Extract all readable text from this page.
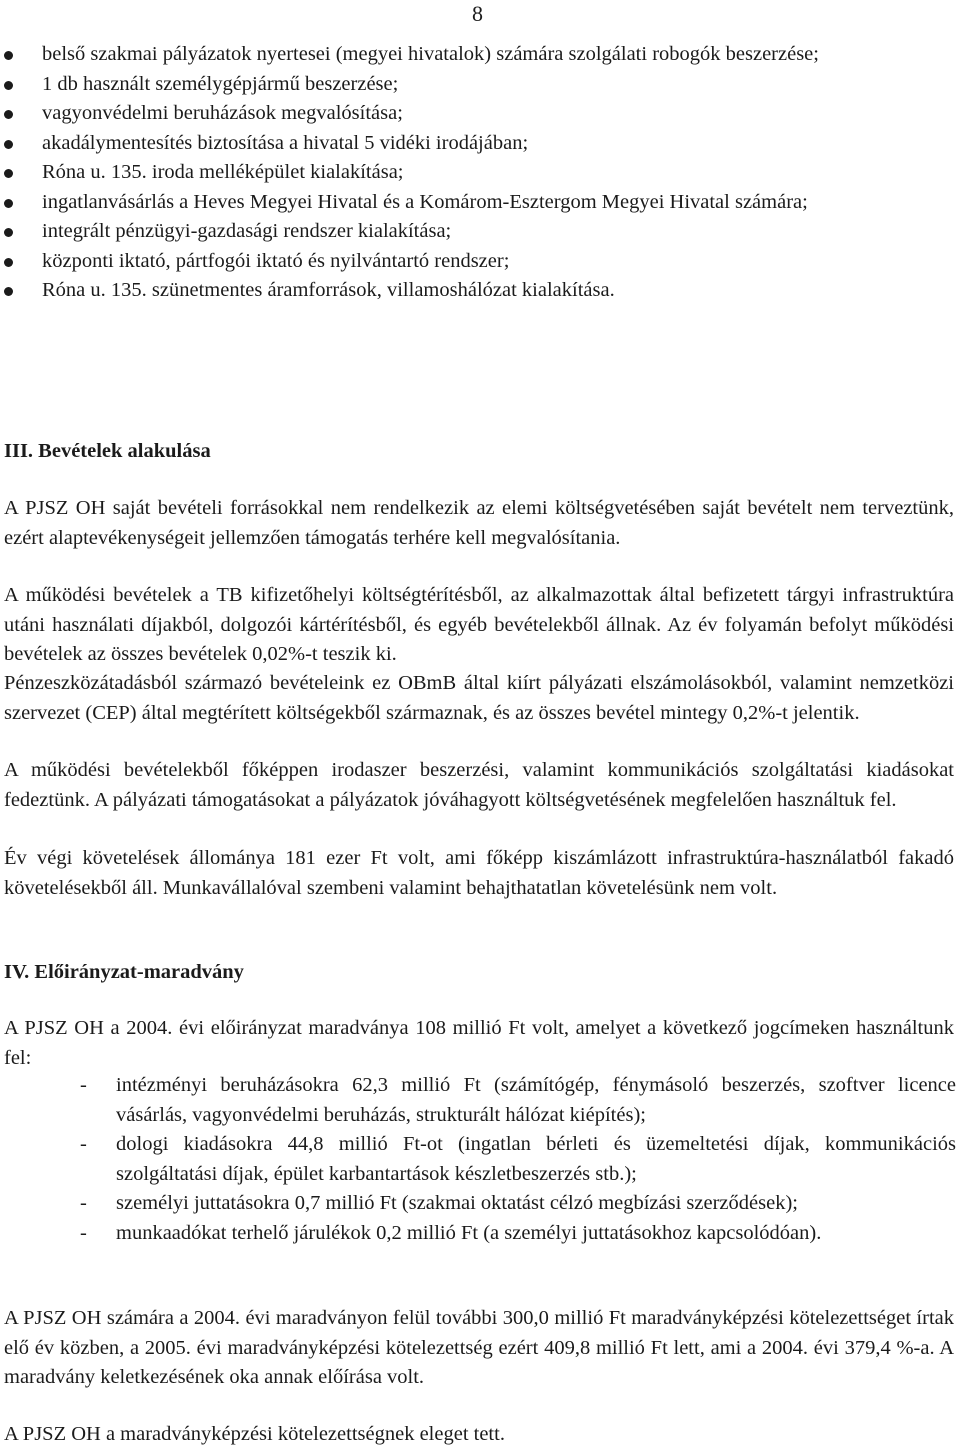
8
belső szakmai pályázatok nyertesei (megyei hivatalok) számára szolgálati robogók beszerzése;
1 db használt személygépjármű beszerzése;
vagyonvédelmi beruházások megvalósítása;
akadálymentesítés biztosítása a hivatal 5 vidéki irodájában;
Róna u. 135. iroda melléképület kialakítása;
ingatlanvásárlás a Heves Megyei Hivatal és a Komárom-Esztergom Megyei Hivatal számára;
integrált pénzügyi-gazdasági rendszer kialakítása;
központi iktató, pártfogói iktató és nyilvántartó rendszer;
Róna u. 135. szünetmentes áramforrások, villamoshálózat kialakítása.
III. Bevételek alakulása

A PJSZ OH saját bevételi forrásokkal nem rendelkezik az elemi költségvetésében saját bevételt nem terveztünk, ezért alaptevékenységeit jellemzően támogatás terhére kell megvalósítania.

A működési bevételek a TB kifizetőhelyi költségtérítésből, az alkalmazottak által befizetett tárgyi infrastruktúra utáni használati díjakból, dolgozói kártérítésből, és egyéb bevételekből állnak. Az év folyamán befolyt működési bevételek az összes bevételek 0,02%-t teszik ki.

Pénzeszközátadásból származó bevételeink ez OBmB által kiírt pályázati elszámolásokból, valamint nemzetközi szervezet (CEP) által megtérített költségekből származnak, és az összes bevétel mintegy 0,2%-t jelentik.

A működési bevételekből főképpen irodaszer beszerzési, valamint kommunikációs szolgáltatási kiadásokat fedeztünk. A pályázati támogatásokat a pályázatok jóváhagyott költségvetésének megfelelően használtuk fel.

Év végi követelések állománya 181 ezer Ft volt, ami főképp kiszámlázott infrastruktúra-használatból fakadó követelésekből áll. Munkavállalóval szembeni valamint behajthatatlan követelésünk nem volt.

IV. Előirányzat-maradvány

A PJSZ OH a 2004. évi előirányzat maradványa 108 millió Ft volt, amelyet a következő jogcímeken használtunk fel:

- intézményi beruházásokra 62,3 millió Ft (számítógép, fénymásoló beszerzés, szoftver licence vásárlás, vagyonvédelmi beruházás, strukturált hálózat kiépítés);
- dologi kiadásokra 44,8 millió Ft-ot (ingatlan bérleti és üzemeltetési díjak, kommunikációs szolgáltatási díjak, épület karbantartások készletbeszerzés stb.);
- személyi juttatásokra 0,7 millió Ft (szakmai oktatást célzó megbízási szerződések);
- munkaadókat terhelő járulékok 0,2 millió Ft (a személyi juttatásokhoz kapcsolódóan).

A PJSZ OH számára a 2004. évi maradványon felül további 300,0 millió Ft maradványképzési kötelezettséget írtak elő év közben, a 2005. évi maradványképzési kötelezettség ezért 409,8 millió Ft lett, ami a 2004. évi 379,4 %-a. A maradvány keletkezésének oka annak előírása volt.

A PJSZ OH a maradványképzési kötelezettségnek eleget tett.
